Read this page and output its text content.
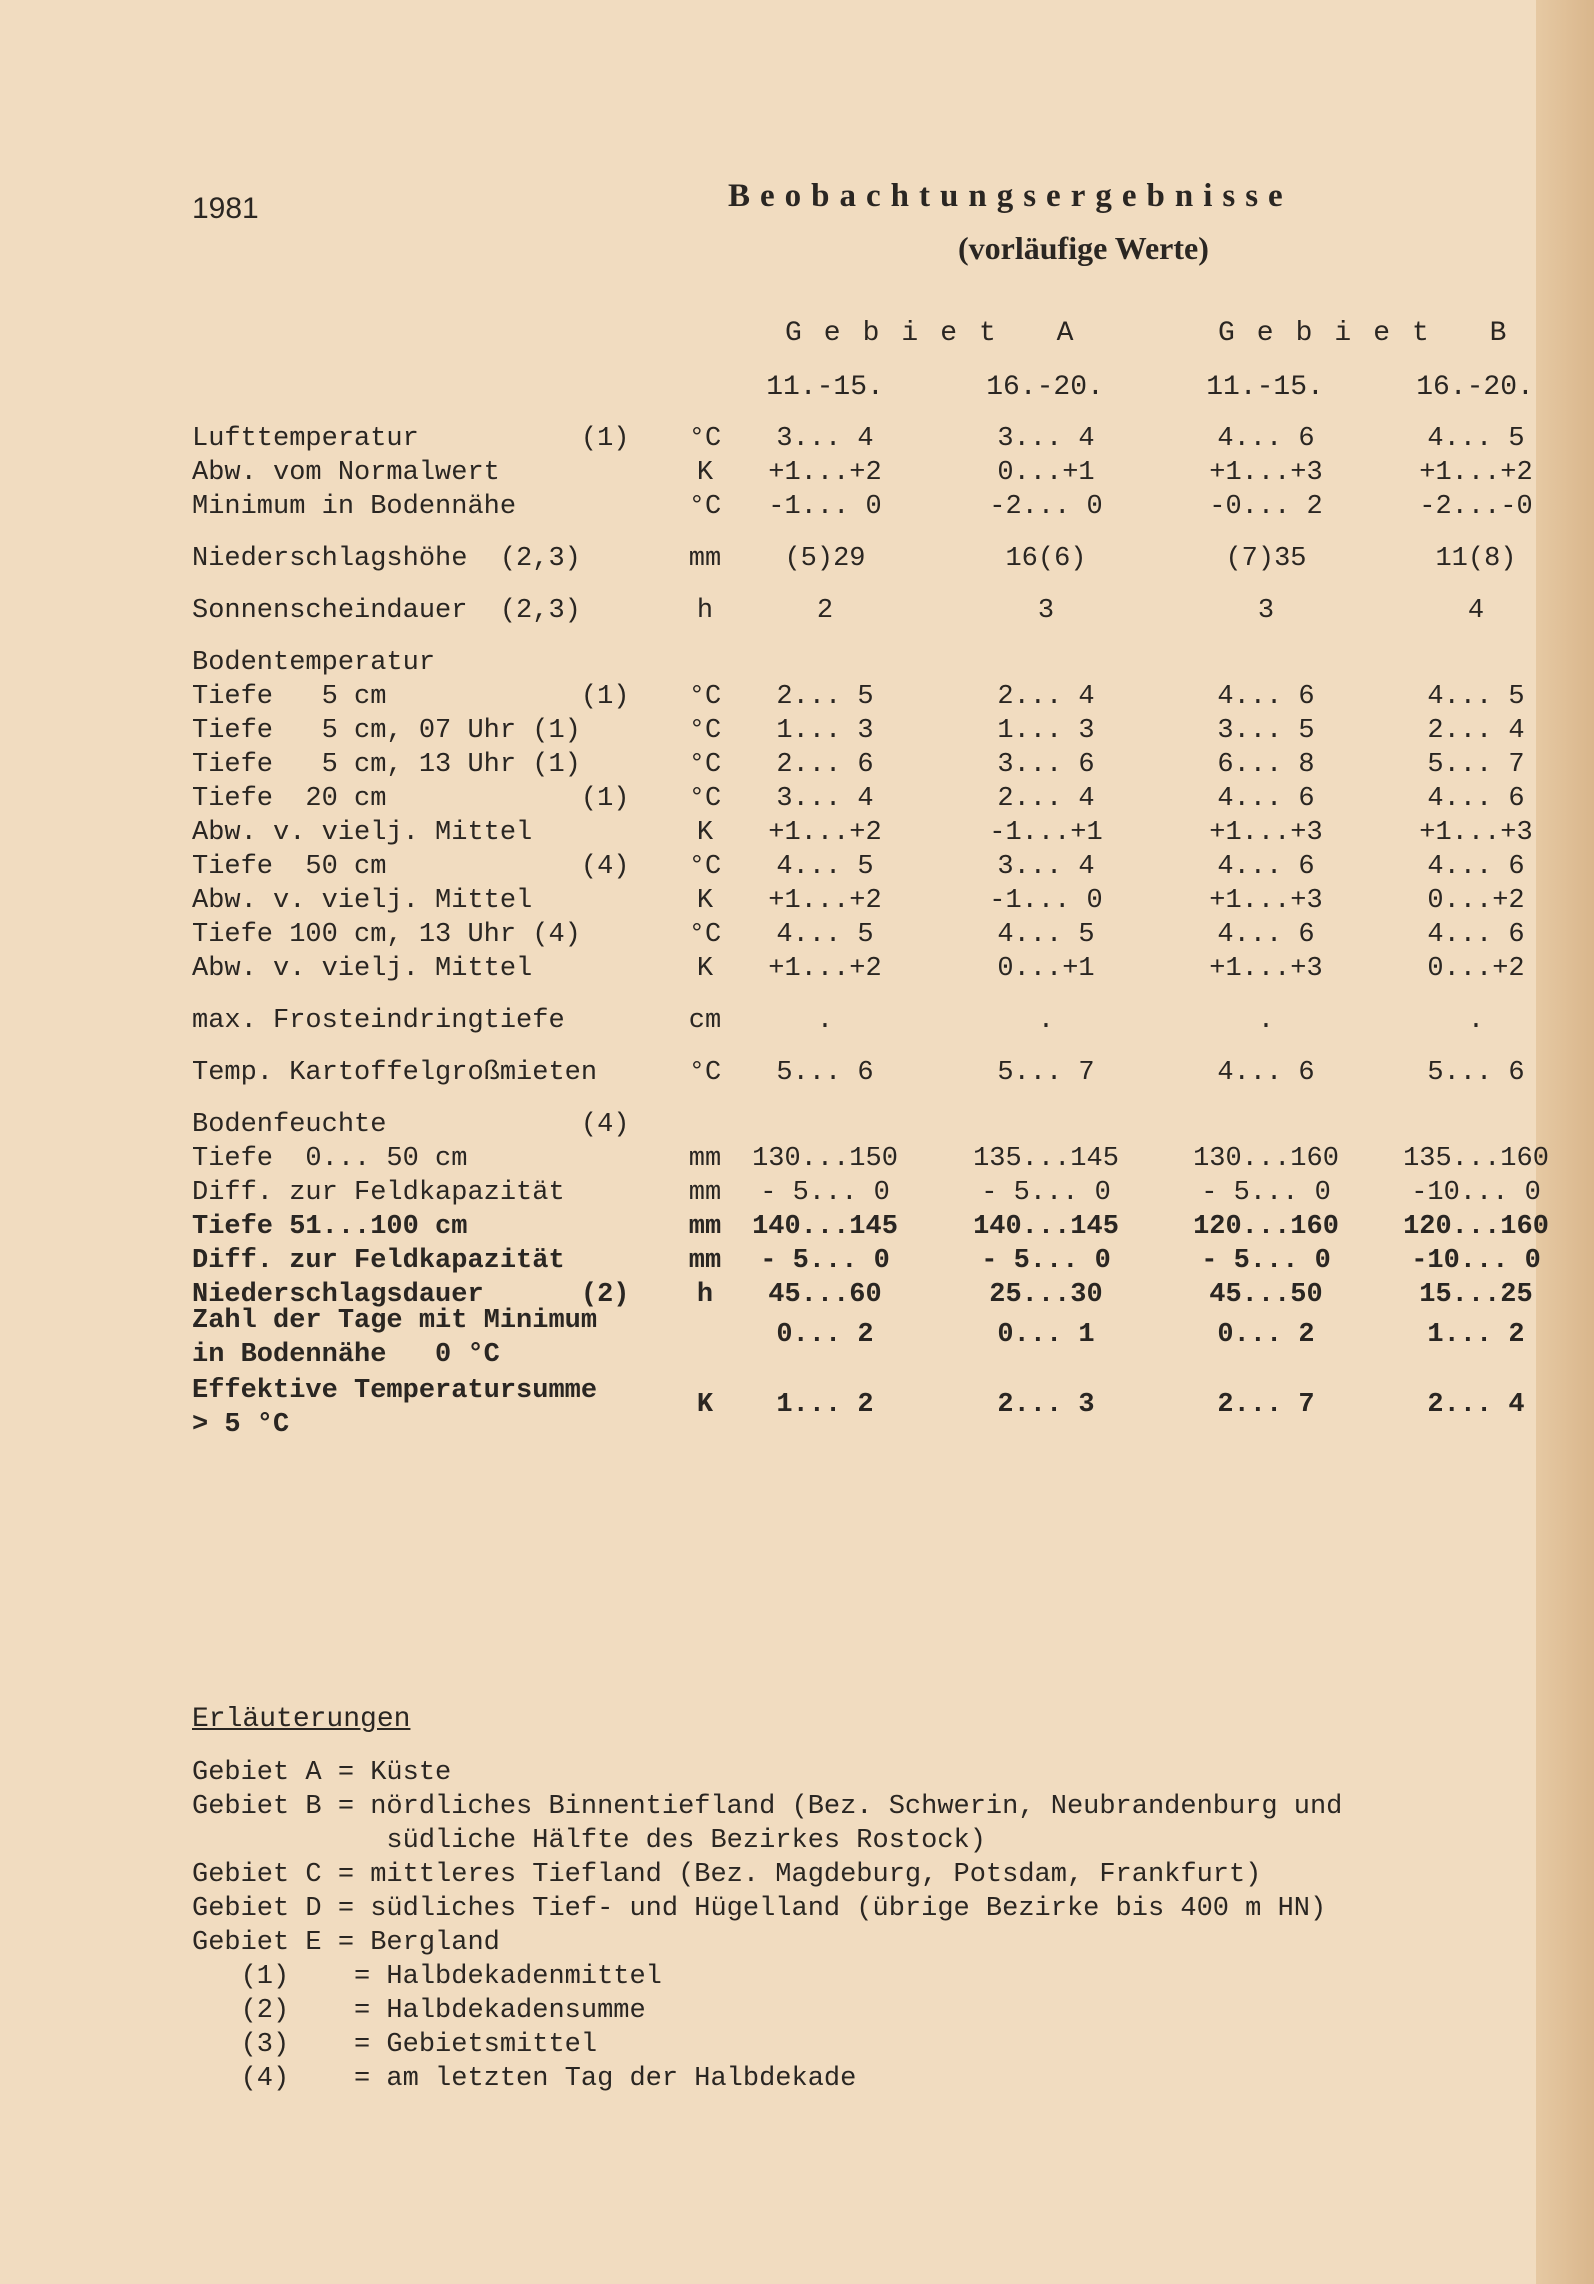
1981	Beobachtungsergebnisse
(vorläufige Werte)
Gebiet A	Gebiet B
11.-15.	16.-20.	11.-15.	16.-20.
Lufttemperatur          (1)	°C	3... 4	3... 4	4... 6	4... 5
Abw. vom Normalwert	K	+1...+2	0...+1	+1...+3	+1...+2
Minimum in Bodennähe	°C	-1... 0	-2... 0	-0... 2	-2...-0
Niederschlagshöhe  (2,3)	mm	(5)29	16(6)	(7)35	11(8)
Sonnenscheindauer  (2,3)	h	2	3	3	4
Bodentemperatur
Tiefe   5 cm            (1)	°C	2... 5	2... 4	4... 6	4... 5
Tiefe   5 cm, 07 Uhr (1)	°C	1... 3	1... 3	3... 5	2... 4
Tiefe   5 cm, 13 Uhr (1)	°C	2... 6	3... 6	6... 8	5... 7
Tiefe  20 cm            (1)	°C	3... 4	2... 4	4... 6	4... 6
Abw. v. vielj. Mittel	K	+1...+2	-1...+1	+1...+3	+1...+3
Tiefe  50 cm            (4)	°C	4... 5	3... 4	4... 6	4... 6
Abw. v. vielj. Mittel	K	+1...+2	-1... 0	+1...+3	0...+2
Tiefe 100 cm, 13 Uhr (4)	°C	4... 5	4... 5	4... 6	4... 6
Abw. v. vielj. Mittel	K	+1...+2	0...+1	+1...+3	0...+2
max. Frosteindringtiefe	cm	.	.	.	.
Temp. Kartoffelgroßmieten	°C	5... 6	5... 7	4... 6	5... 6
Bodenfeuchte            (4)
Tiefe  0... 50 cm	mm	130...150	135...145	130...160	135...160
Diff. zur Feldkapazität	mm	- 5... 0	- 5... 0	- 5... 0	-10... 0
Tiefe 51...100 cm	mm	140...145	140...145	120...160	120...160
Diff. zur Feldkapazität	mm	- 5... 0	- 5... 0	- 5... 0	-10... 0
Niederschlagsdauer      (2)	h	45...60	25...30	45...50	15...25
Zahl der Tage mit Minimum
in Bodennähe   0 °C
0... 2	0... 1	0... 2	1... 2
Effektive Temperatursumme
> 5 °C
K	1... 2	2... 3	2... 7	2... 4
Erläuterungen
Gebiet A = Küste
Gebiet B = nördliches Binnentiefland (Bez. Schwerin, Neubrandenburg und
südliche Hälfte des Bezirkes Rostock)
Gebiet C = mittleres Tiefland (Bez. Magdeburg, Potsdam, Frankfurt)
Gebiet D = südliches Tief- und Hügelland (übrige Bezirke bis 400 m HN)
Gebiet E = Bergland
(1)    = Halbdekadenmittel
(2)    = Halbdekadensumme
(3)    = Gebietsmittel
(4)    = am letzten Tag der Halbdekade
